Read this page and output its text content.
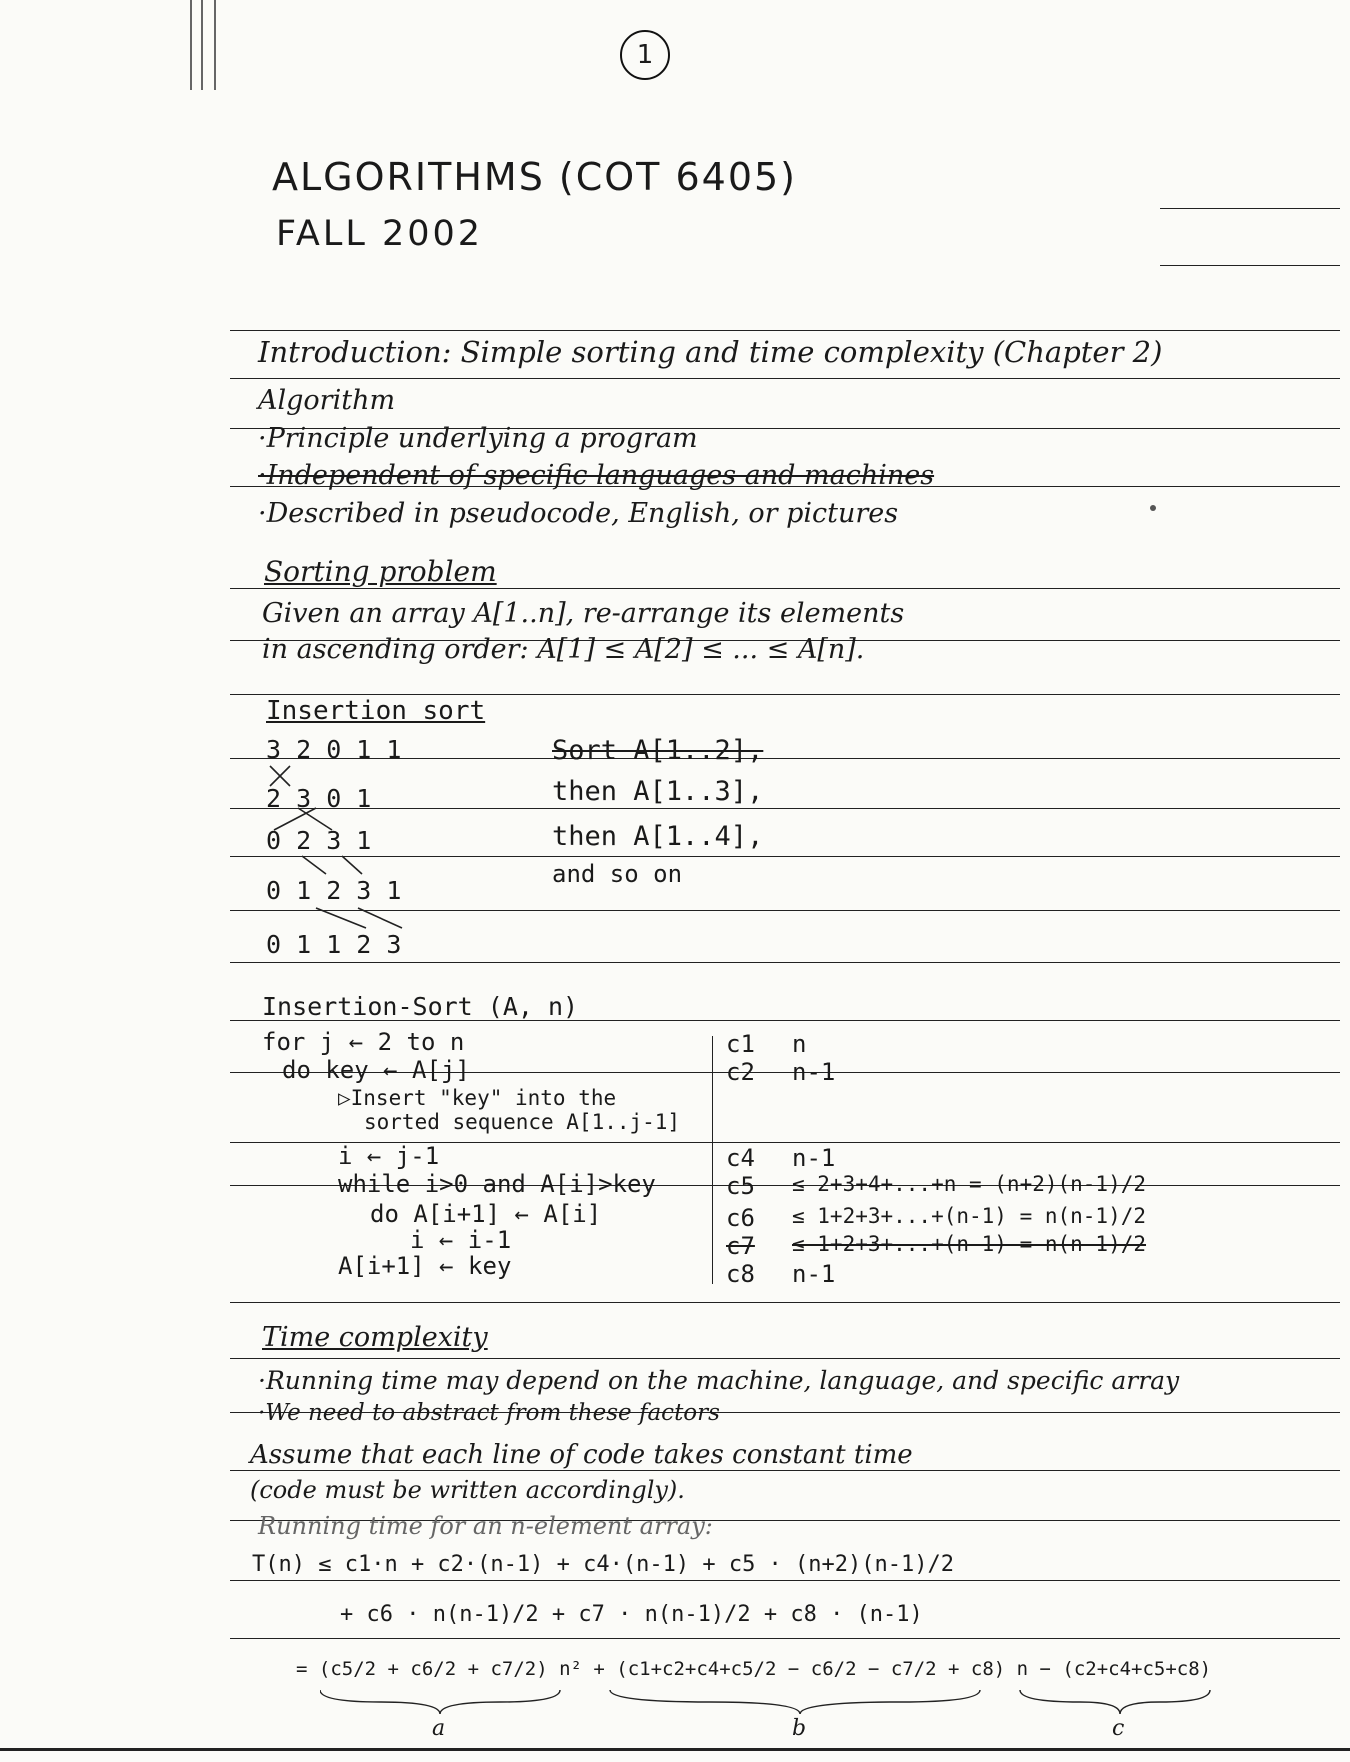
1
ALGORITHMS (COT 6405)
FALL 2002
Introduction: Simple sorting and time complexity (Chapter 2)
Algorithm
·Principle underlying a program
·Independent of specific languages and machines
·Described in pseudocode, English, or pictures
Sorting problem
Given an array A[1..n], re-arrange its elements
in ascending order: A[1] ≤ A[2] ≤ ... ≤ A[n].
Insertion sort
3 2 0 1 1
2 3 0 1
0 2 3 1
0 1 2 3 1
0 1 1 2 3
Sort A[1..2],
then A[1..3],
then A[1..4],
and so on
Insertion-Sort (A, n)
for j ← 2 to n
do key ← A[j]
▷Insert "key" into the
sorted sequence A[1..j-1]
i ← j-1
while i>0 and A[i]>key
do A[i+1] ← A[i]
i ← i-1
A[i+1] ← key
c1
c2
c4
c5
c6
c7
c8
n
n-1
n-1
≤ 2+3+4+...+n = (n+2)(n-1)/2
≤ 1+2+3+...+(n-1) = n(n-1)/2
≤ 1+2+3+...+(n-1) = n(n-1)/2
n-1
Time complexity
·Running time may depend on the machine, language, and specific array
·We need to abstract from these factors
Assume that each line of code takes constant time
(code must be written accordingly).
Running time for an n-element array:
T(n) ≤ c1·n + c2·(n-1) + c4·(n-1) + c5 · (n+2)(n-1)/2
+ c6 · n(n-1)/2 + c7 · n(n-1)/2 + c8 · (n-1)
= (c5/2 + c6/2 + c7/2) n² + (c1+c2+c4+c5/2 − c6/2 − c7/2 + c8) n − (c2+c4+c5+c8)
a	b	c
